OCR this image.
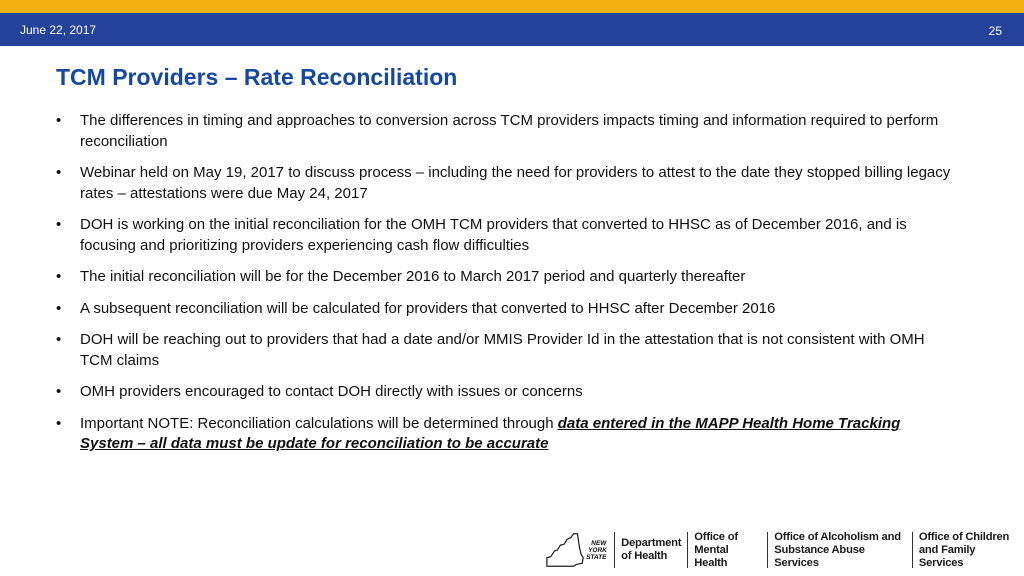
June 22, 2017	25
TCM Providers – Rate Reconciliation
• The differences in timing and approaches to conversion across TCM providers impacts timing and information required to perform reconciliation
• Webinar held on May 19, 2017 to discuss process – including the need for providers to attest to the date they stopped billing legacy rates – attestations were due May 24, 2017
• DOH is working on the initial reconciliation for the OMH TCM providers that converted to HHSC as of December 2016, and is focusing and prioritizing providers experiencing cash flow difficulties
• The initial reconciliation will be for the December 2016 to March 2017 period and quarterly thereafter
• A subsequent reconciliation will be calculated for providers that converted to HHSC after December 2016
• DOH will be reaching out to providers that had a date and/or MMIS Provider Id in the attestation that is not consistent with OMH TCM claims
• OMH providers encouraged to contact DOH directly with issues or concerns
• Important NOTE: Reconciliation calculations will be determined through data entered in the MAPP Health Home Tracking System – all data must be update for reconciliation to be accurate
NEW
YORK
STATE
Department
of Health
Office of
Mental Health
Office of Alcoholism and
Substance Abuse Services
Office of Children
and Family Services
